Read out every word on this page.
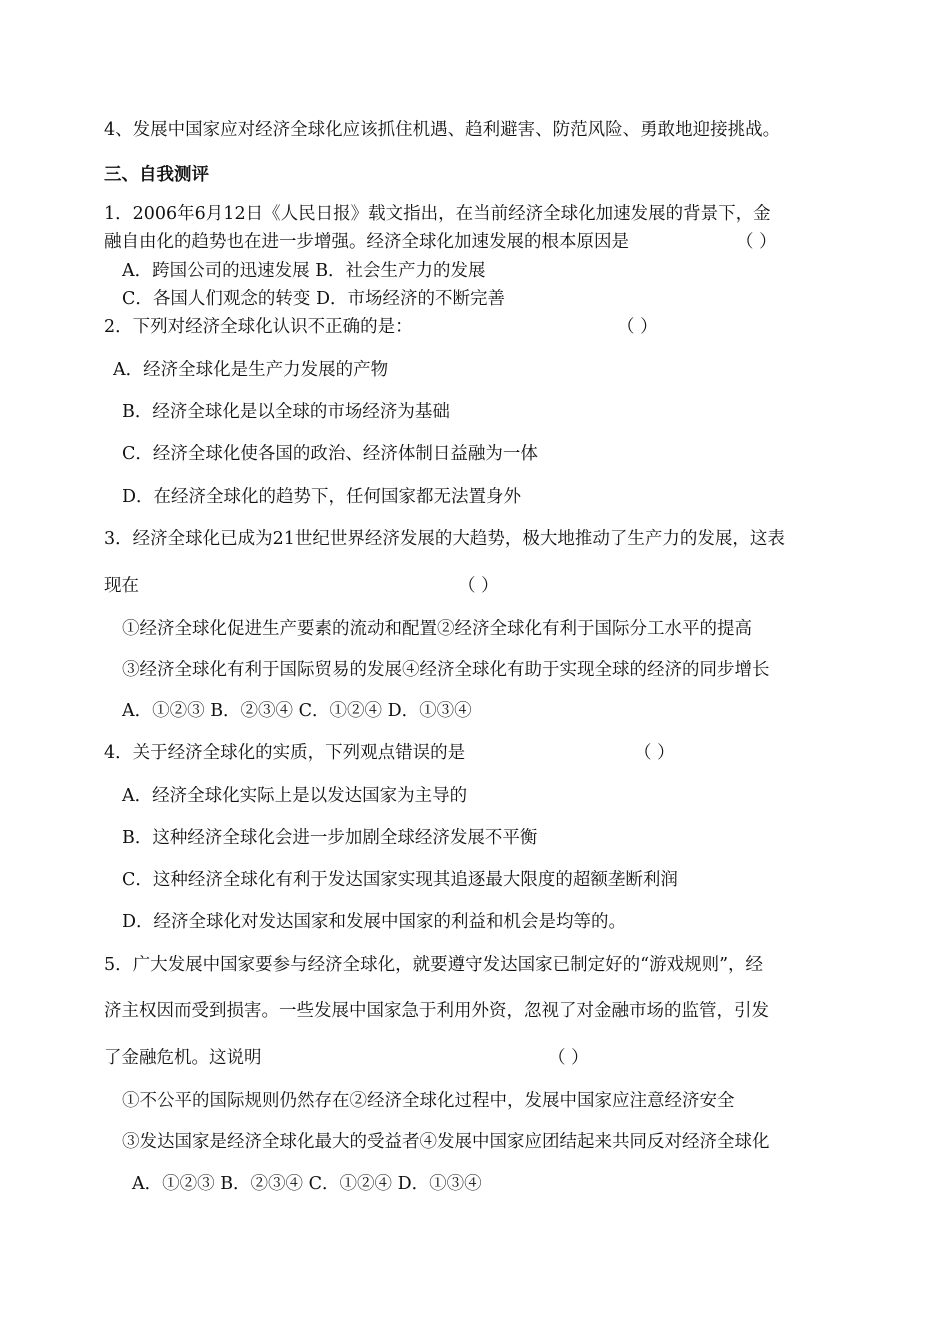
4、发展中国家应对经济全球化应该抓住机遇、趋利避害、防范风险、勇敢地迎接挑战。
三、自我测评
1．2006年6月12日《人民日报》载文指出，在当前经济全球化加速发展的背景下，金
融自由化的趋势也在进一步增强。经济全球化加速发展的根本原因是	（ ）
A．跨国公司的迅速发展 B．社会生产力的发展
C．各国人们观念的转变 D．市场经济的不断完善
2．下列对经济全球化认识不正确的是：	（ ）
A．经济全球化是生产力发展的产物
B．经济全球化是以全球的市场经济为基础
C．经济全球化使各国的政治、经济体制日益融为一体
D．在经济全球化的趋势下，任何国家都无法置身外
3．经济全球化已成为21世纪世界经济发展的大趋势，极大地推动了生产力的发展，这表
现在	（ ）
①经济全球化促进生产要素的流动和配置②经济全球化有利于国际分工水平的提高
③经济全球化有利于国际贸易的发展④经济全球化有助于实现全球的经济的同步增长
A．①②③ B．②③④ C．①②④ D．①③④
4．关于经济全球化的实质，下列观点错误的是	（ ）
A．经济全球化实际上是以发达国家为主导的
B．这种经济全球化会进一步加剧全球经济发展不平衡
C．这种经济全球化有利于发达国家实现其追逐最大限度的超额垄断利润
D．经济全球化对发达国家和发展中国家的利益和机会是均等的。
5．广大发展中国家要参与经济全球化，就要遵守发达国家已制定好的“游戏规则”，经
济主权因而受到损害。一些发展中国家急于利用外资，忽视了对金融市场的监管，引发
了金融危机。这说明	（ ）
①不公平的国际规则仍然存在②经济全球化过程中，发展中国家应注意经济安全
③发达国家是经济全球化最大的受益者④发展中国家应团结起来共同反对经济全球化
A．①②③ B．②③④ C．①②④ D．①③④
